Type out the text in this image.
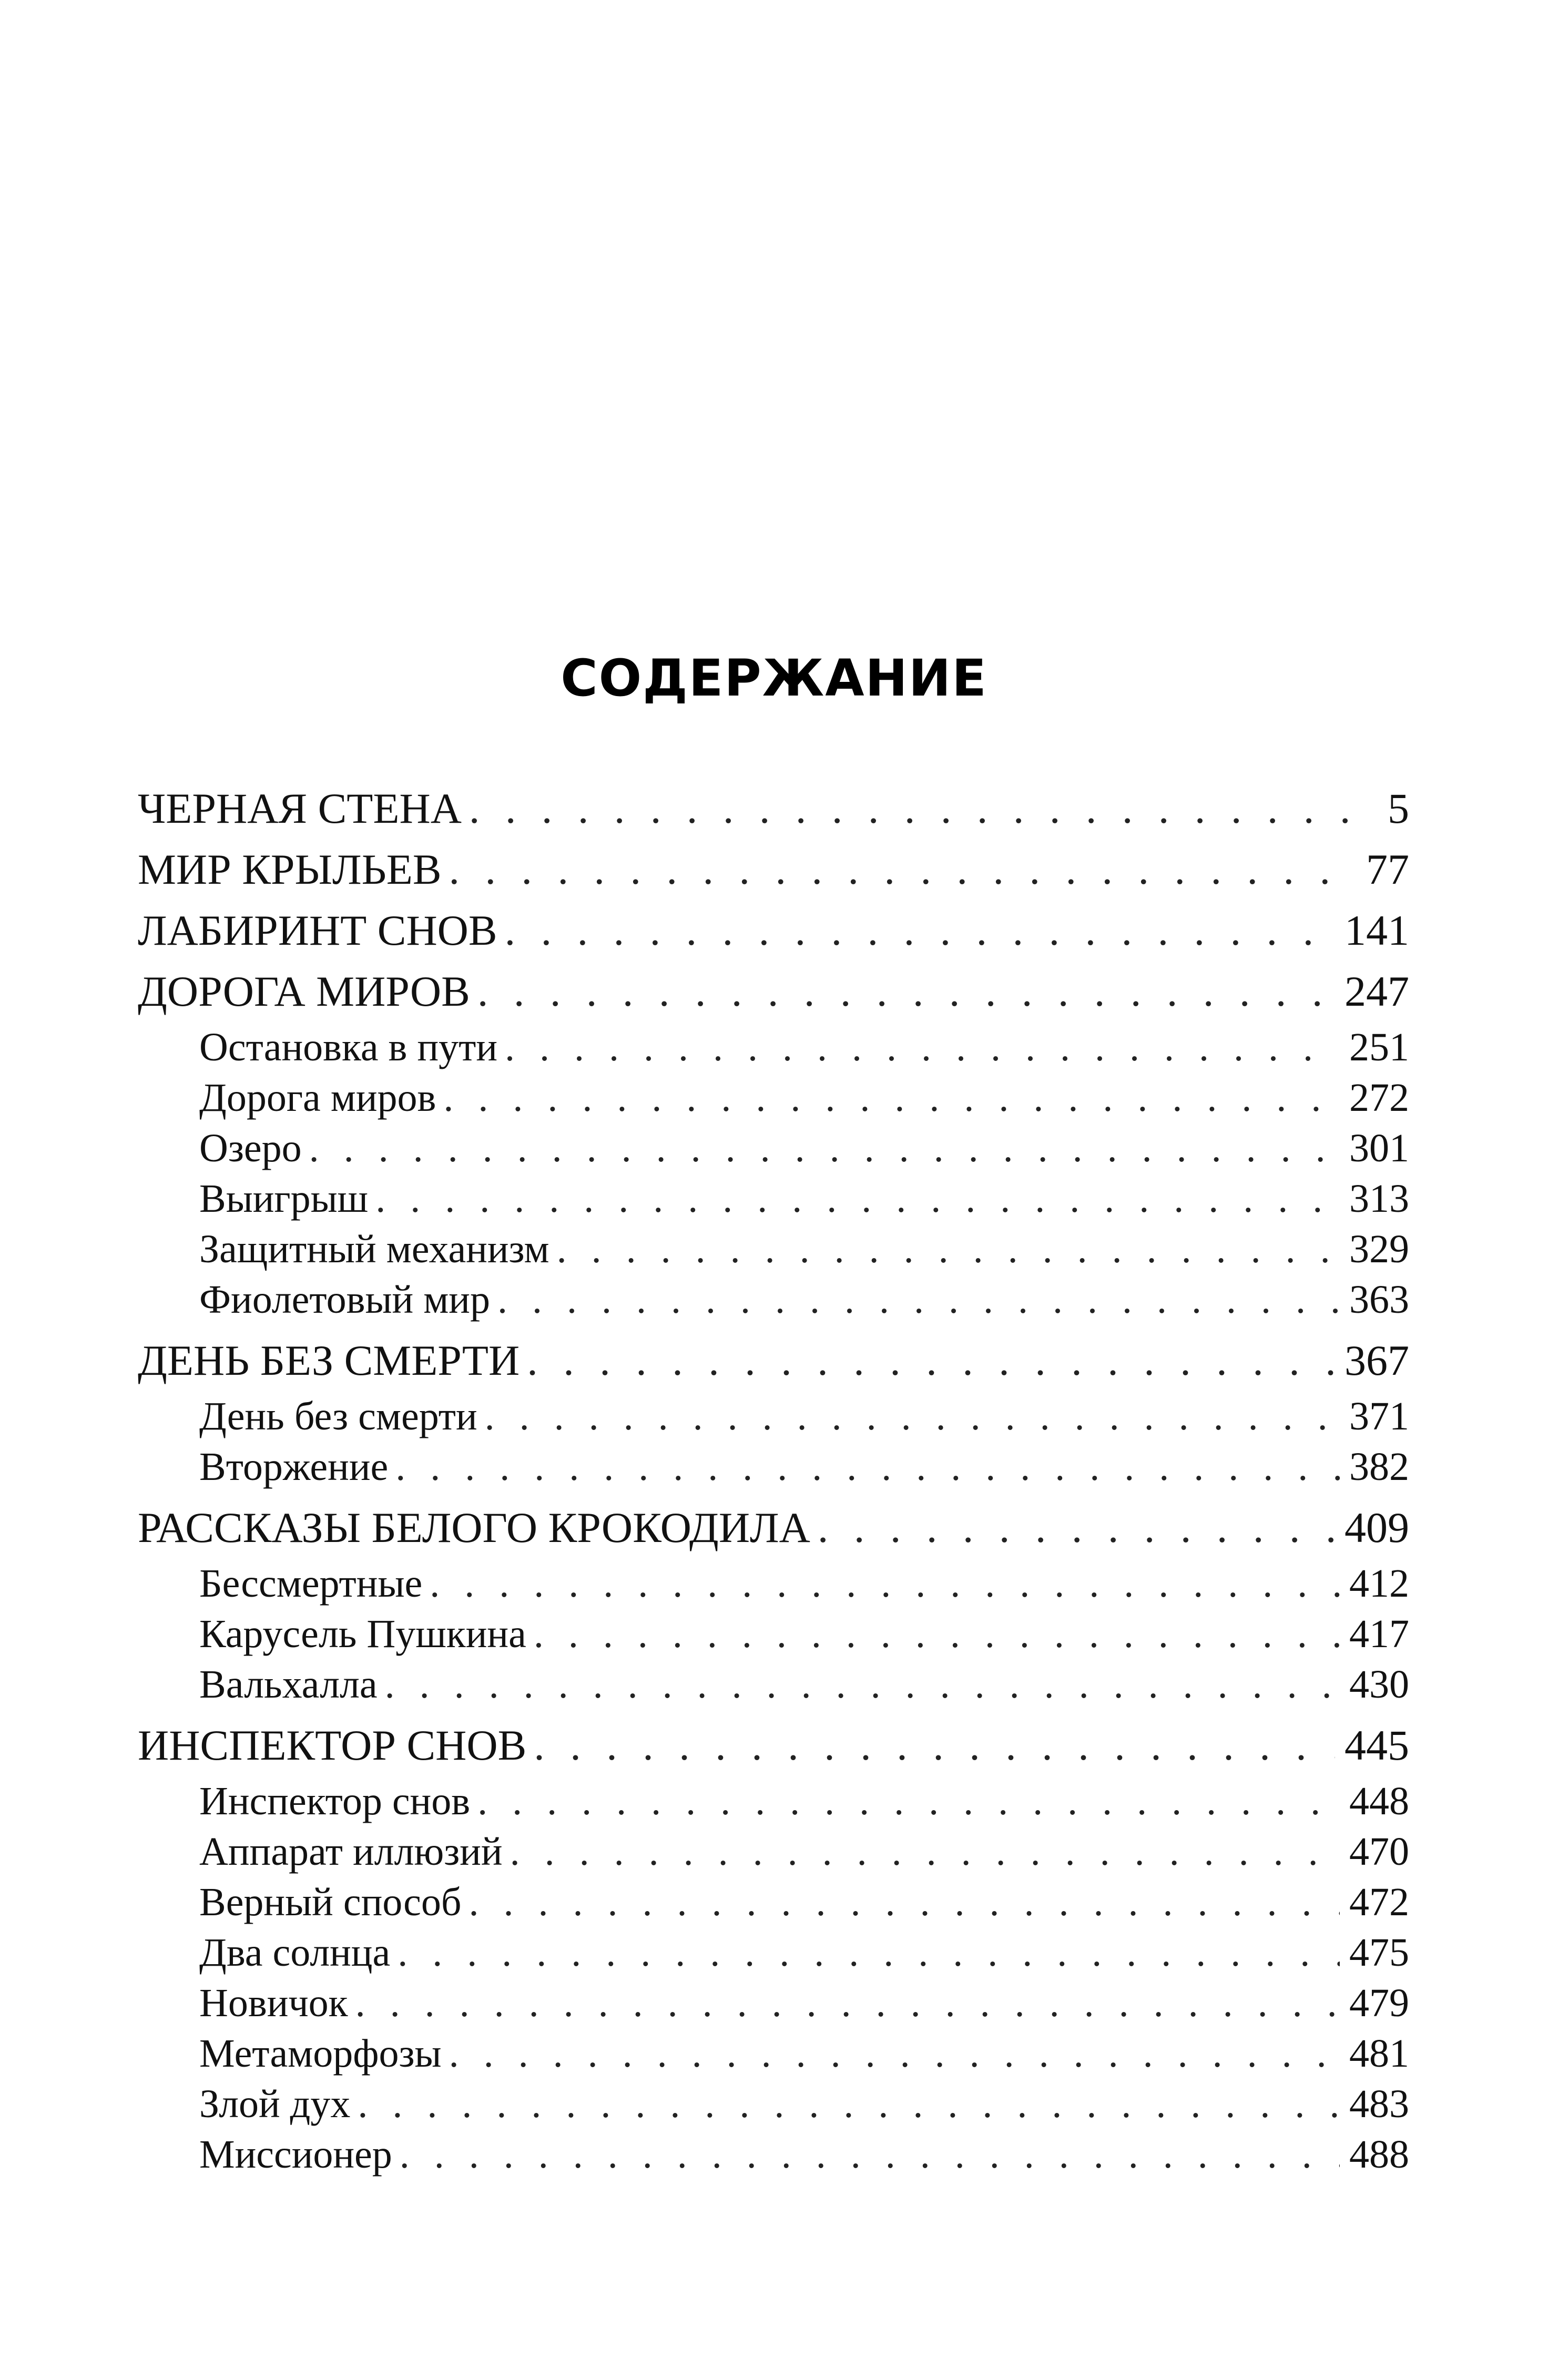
СОДЕРЖАНИЕ
ЧЕРНАЯ СТЕНА . . .	5
МИР КРЫЛЬЕВ . . .	77
ЛАБИРИНТ СНОВ . . .	141
ДОРОГА МИРОВ . . .	247
Остановка в пути . . .	251
Дорога миров . . .	272
Озеро . . .	301
Выигрыш . . .	313
Защитный механизм . . .	329
Фиолетовый мир . . .	363
ДЕНЬ БЕЗ СМЕРТИ . . .	367
День без смерти . . .	371
Вторжение . . .	382
РАССКАЗЫ БЕЛОГО КРОКОДИЛА . . .	409
Бессмертные . . .	412
Карусель Пушкина . . .	417
Вальхалла . . .	430
ИНСПЕКТОР СНОВ . . .	445
Инспектор снов . . .	448
Аппарат иллюзий . . .	470
Верный способ . . .	472
Два солнца . . .	475
Новичок . . .	479
Метаморфозы . . .	481
Злой дух . . .	483
Миссионер . . .	488
